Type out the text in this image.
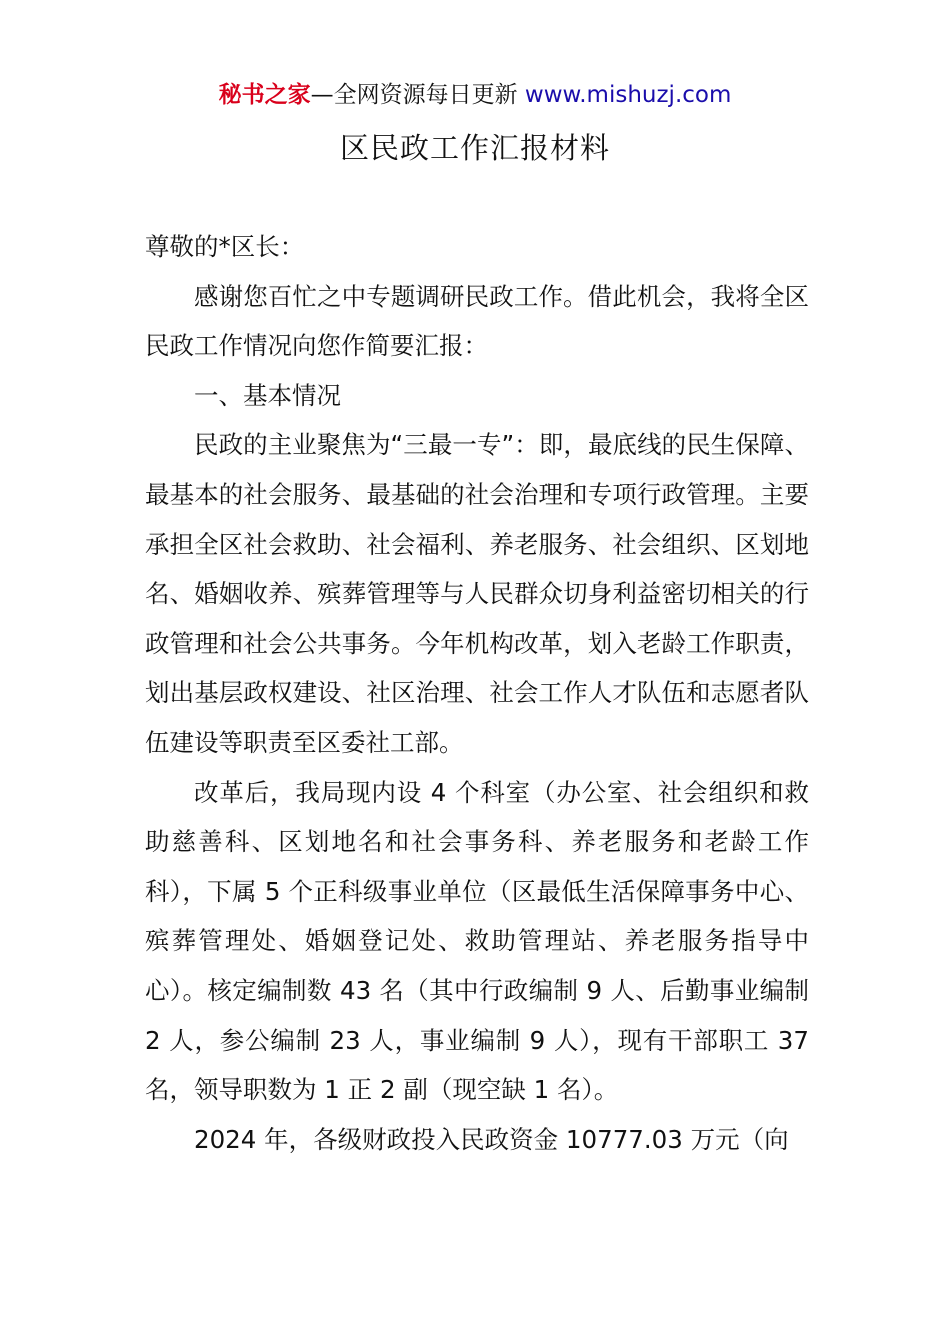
秘书之家—全网资源每日更新 www.mishuzj.com
区民政工作汇报材料

尊敬的*区长：

感谢您百忙之中专题调研民政工作。借此机会，我将全区民政工作情况向您作简要汇报：

一、基本情况

民政的主业聚焦为“三最一专”：即，最底线的民生保障、最基本的社会服务、最基础的社会治理和专项行政管理。主要承担全区社会救助、社会福利、养老服务、社会组织、区划地名、婚姻收养、殡葬管理等与人民群众切身利益密切相关的行政管理和社会公共事务。今年机构改革，划入老龄工作职责，划出基层政权建设、社区治理、社会工作人才队伍和志愿者队伍建设等职责至区委社工部。

改革后，我局现内设 4 个科室（办公室、社会组织和救助慈善科、区划地名和社会事务科、养老服务和老龄工作科），下属 5 个正科级事业单位（区最低生活保障事务中心、殡葬管理处、婚姻登记处、救助管理站、养老服务指导中心）。核定编制数 43 名（其中行政编制 9 人、后勤事业编制 2 人，参公编制 23 人，事业编制 9 人），现有干部职工 37 名，领导职数为 1 正 2 副（现空缺 1 名）。

2024 年，各级财政投入民政资金 10777.03 万元（向
